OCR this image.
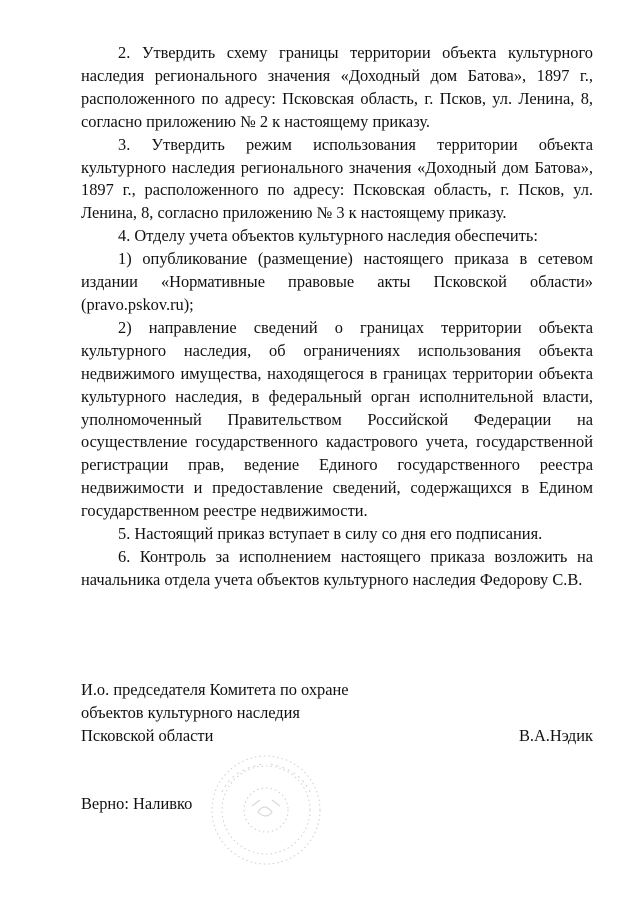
2. Утвердить схему границы территории объекта культурного наследия регионального значения «Доходный дом Батова», 1897 г., расположенного по адресу: Псковская область, г. Псков, ул. Ленина, 8, согласно приложению № 2 к настоящему приказу.

3. Утвердить режим использования территории объекта культурного наследия регионального значения «Доходный дом Батова», 1897 г., расположенного по адресу: Псковская область, г. Псков, ул. Ленина, 8, согласно приложению № 3 к настоящему приказу.

4. Отделу учета объектов культурного наследия обеспечить:

1) опубликование (размещение) настоящего приказа в сетевом издании «Нормативные правовые акты Псковской области» (pravo.pskov.ru);

2) направление сведений о границах территории объекта культурного наследия, об ограничениях использования объекта недвижимого имущества, находящегося в границах территории объекта культурного наследия, в федеральный орган исполнительной власти, уполномоченный Правительством Российской Федерации на осуществление государственного кадастрового учета, государственной регистрации прав, ведение Единого государственного реестра недвижимости и предоставление сведений, содержащихся в Едином государственном реестре недвижимости.

5. Настоящий приказ вступает в силу со дня его подписания.

6. Контроль за исполнением настоящего приказа возложить на начальника отдела учета объектов культурного наследия Федорову С.В.

И.о. председателя Комитета по охране
объектов культурного наследия
Псковской области	В.А.Нэдик
Верно: Наливко
